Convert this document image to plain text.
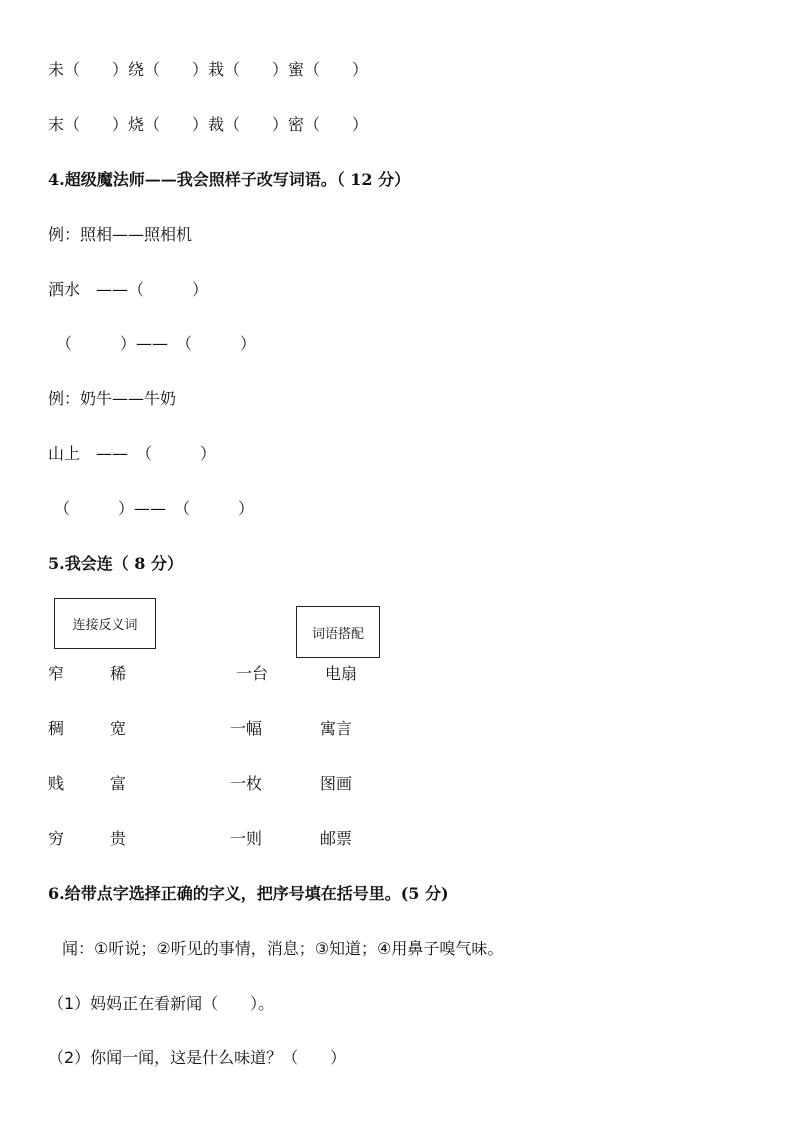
未（　　）绕（　　）栽（　　）蜜（　　）
末（　　）烧（　　）裁（　　）密（　　）
4.超级魔法师——我会照样子改写词语。（ 12 分）
例：照相——照相机
洒水　——（　　　）
（　　　）——　（　　　）
例：奶牛——牛奶
山上　——　（　　　）
（　　　）——　（　　　）
5.我会连（ 8 分）
连接反义词
词语搭配
窄	稀	一台	电扇
稠	宽	一幅	寓言
贱	富	一枚	图画
穷	贵	一则	邮票
6.给带点字选择正确的字义，把序号填在括号里。(5 分)
闻：①听说；②听见的事情，消息；③知道；④用鼻子嗅气味。
（1）妈妈正在看新闻（　　）。
（2）你闻一闻，这是什么味道？（　　）
